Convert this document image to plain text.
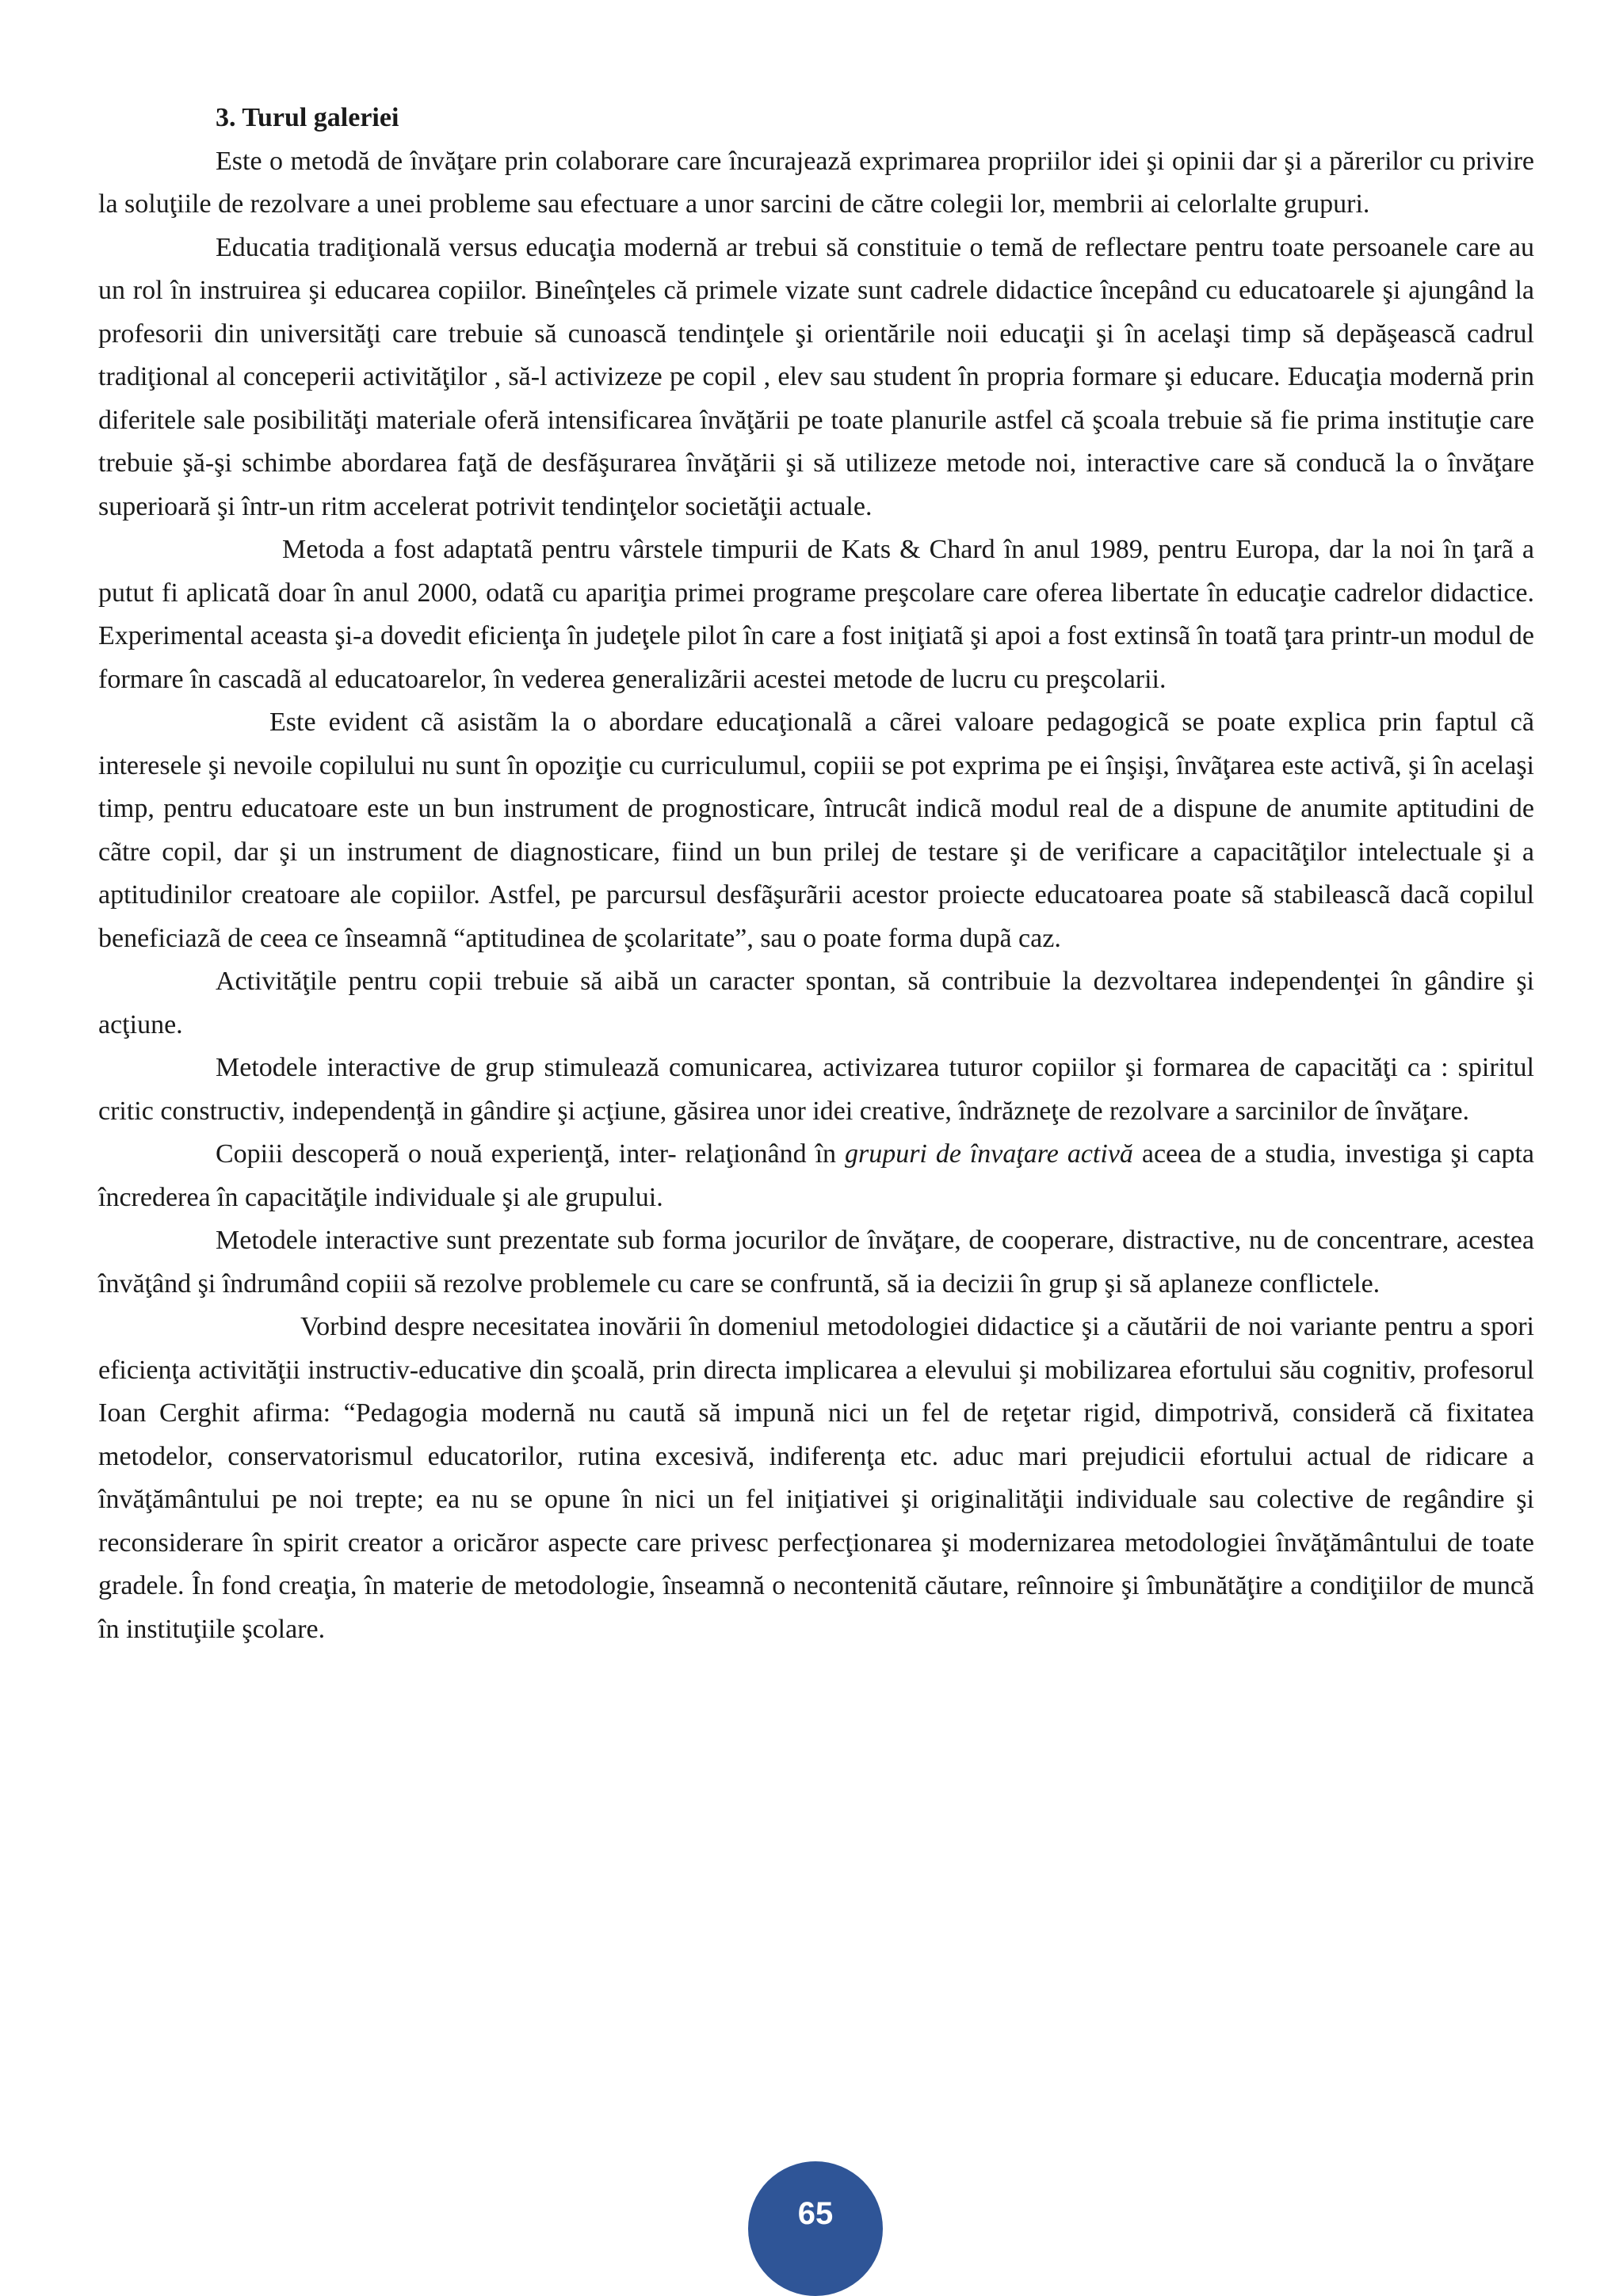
3. Turul galeriei

Este o metodă de învăţare prin colaborare care încurajează exprimarea propriilor idei şi opinii dar şi a părerilor cu privire la soluţiile de rezolvare a unei probleme sau efectuare a unor sarcini de către colegii lor, membrii ai celorlalte grupuri.

Educatia tradiţională versus educaţia modernă ar trebui să constituie o temă de reflectare pentru toate persoanele care au un rol în instruirea şi educarea copiilor. Bineînţeles că primele vizate sunt cadrele didactice începând cu educatoarele şi ajungând la profesorii din universităţi care trebuie să cunoască tendinţele şi orientările noii educaţii şi în acelaşi timp să depăşească cadrul tradiţional al conceperii activităţilor , să-l activizeze pe copil , elev sau student în propria formare şi educare. Educaţia modernă prin diferitele sale posibilităţi materiale oferă intensificarea învăţării pe toate planurile astfel că şcoala trebuie să fie prima instituţie care trebuie şă-şi schimbe abordarea faţă de desfăşurarea învăţării şi să utilizeze metode noi, interactive care să conducă la o învăţare superioară şi într-un ritm accelerat potrivit tendinţelor societăţii actuale.

Metoda a fost adaptatã pentru vârstele timpurii de Kats & Chard în anul 1989, pentru Europa, dar la noi în ţarã a putut fi aplicatã doar în anul 2000, odatã cu apariţia primei programe preşcolare care oferea libertate în educaţie cadrelor didactice. Experimental aceasta şi-a dovedit eficienţa în judeţele pilot în care a fost iniţiatã şi apoi a fost extinsã în toatã ţara printr-un modul de formare în cascadã al educatoarelor, în vederea generalizãrii acestei metode de lucru cu preşcolarii.

Este evident cã asistãm la o abordare educaţionalã a cãrei valoare pedagogicã se poate explica prin faptul cã interesele şi nevoile copilului nu sunt în opoziţie cu curriculumul, copiii se pot exprima pe ei înşişi, învãţarea este activã, şi în acelaşi timp, pentru educatoare este un bun instrument de prognosticare, întrucât indicã modul real de a dispune de anumite aptitudini de cãtre copil, dar şi un instrument de diagnosticare, fiind un bun prilej de testare şi de verificare a capacitãţilor intelectuale şi a aptitudinilor creatoare ale copiilor. Astfel, pe parcursul desfãşurãrii acestor proiecte educatoarea poate sã stabileascã dacã copilul beneficiazã de ceea ce înseamnã “aptitudinea de şcolaritate”, sau o poate forma dupã caz.

Activităţile pentru copii trebuie să aibă un caracter spontan, să contribuie la dezvoltarea independenţei în gândire şi acţiune.

Metodele interactive de grup stimulează comunicarea, activizarea tuturor copiilor şi formarea de capacităţi ca : spiritul critic constructiv, independenţă in gândire şi acţiune, găsirea unor idei creative, îndrăzneţe de rezolvare a sarcinilor de învăţare.

Copiii descoperă o nouă experienţă, inter- relaţionând în grupuri de învaţare activă aceea de a studia, investiga şi capta încrederea în capacităţile individuale şi ale grupului.

Metodele interactive sunt prezentate sub forma jocurilor de învăţare, de cooperare, distractive, nu de concentrare, acestea învăţând şi îndrumând copiii să rezolve problemele cu care se confruntă, să ia decizii în grup şi să aplaneze conflictele.

Vorbind despre necesitatea inovării în domeniul metodologiei didactice şi a căutării de noi variante pentru a spori eficienţa activităţii instructiv-educative din şcoală, prin directa implicarea a elevului şi mobilizarea efortului său cognitiv, profesorul Ioan Cerghit afirma: “Pedagogia modernă nu caută să impună nici un fel de reţetar rigid, dimpotrivă, consideră că fixitatea metodelor, conservatorismul educatorilor, rutina excesivă, indiferenţa etc. aduc mari prejudicii efortului actual de ridicare a învăţământului pe noi trepte; ea nu se opune în nici un fel iniţiativei şi originalităţii individuale sau colective de regândire şi reconsiderare în spirit creator a oricăror aspecte care privesc perfecţionarea şi modernizarea metodologiei învăţământului de toate gradele. În fond creaţia, în materie de metodologie, înseamnă o necontenită căutare, reînnoire şi îmbunătăţire a condiţiilor de muncă în instituţiile şcolare.

65
